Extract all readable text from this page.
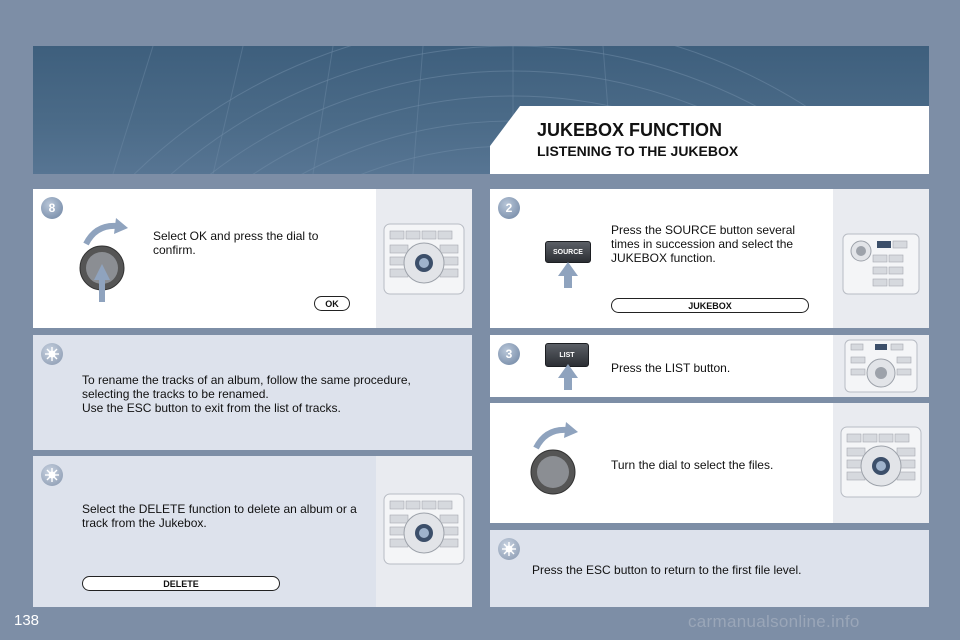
JUKEBOX FUNCTION
LISTENING TO THE JUKEBOX
8
Select OK and press the dial to confirm.
OK
To rename the tracks of an album, follow the same procedure, selecting the tracks to be renamed.
Use the ESC button to exit from the list of tracks.
Select the DELETE function to delete an album or a track from the Jukebox.
DELETE
2
SOURCE
Press the SOURCE button several times in succession and select the JUKEBOX function.
JUKEBOX
3	LIST
Press the LIST button.
Turn the dial to select the files.
Press the ESC button to return to the first file level.
138	carmanualsonline.info
